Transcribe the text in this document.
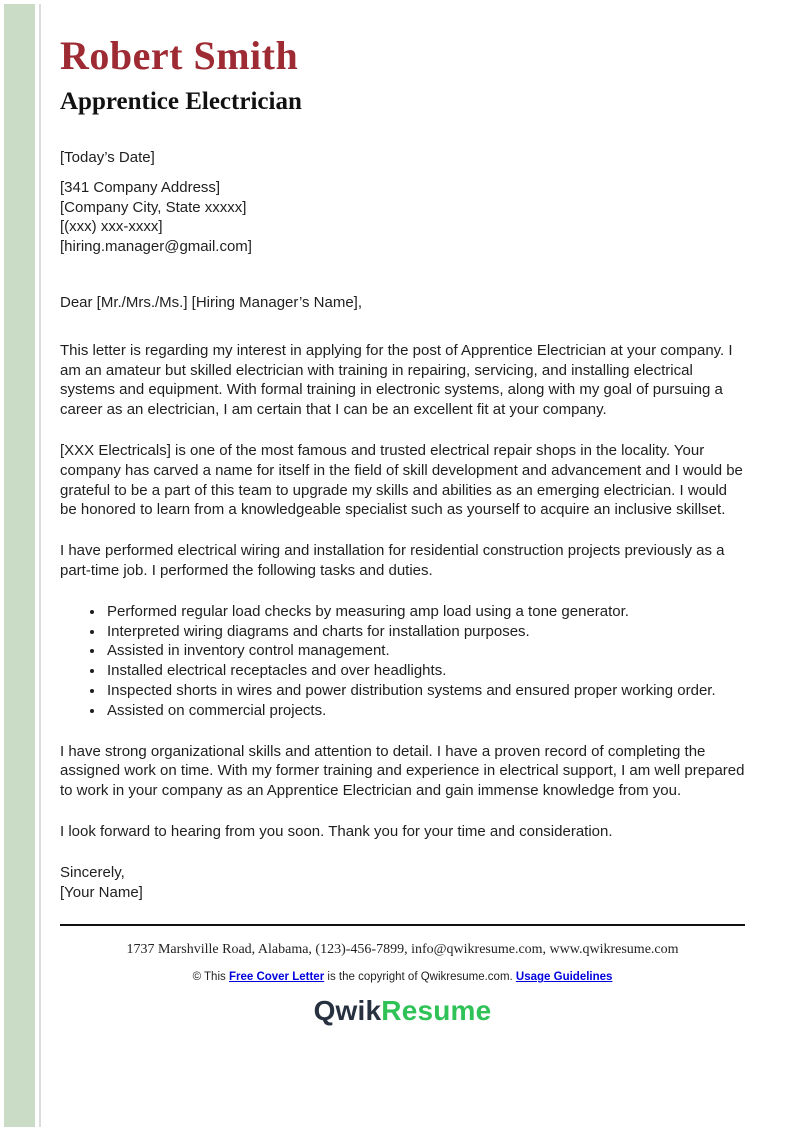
Robert Smith
Apprentice Electrician
[Today’s Date]
[341 Company Address]
[Company City, State xxxxx]
[(xxx) xxx-xxxx]
[hiring.manager@gmail.com]
Dear [Mr./Mrs./Ms.] [Hiring Manager’s Name],

This letter is regarding my interest in applying for the post of Apprentice Electrician at your company. I am an amateur but skilled electrician with training in repairing, servicing, and installing electrical systems and equipment. With formal training in electronic systems, along with my goal of pursuing a career as an electrician, I am certain that I can be an excellent fit at your company.

[XXX Electricals] is one of the most famous and trusted electrical repair shops in the locality. Your company has carved a name for itself in the field of skill development and advancement and I would be grateful to be a part of this team to upgrade my skills and abilities as an emerging electrician. I would be honored to learn from a knowledgeable specialist such as yourself to acquire an inclusive skillset.

I have performed electrical wiring and installation for residential construction projects previously as a part-time job. I performed the following tasks and duties.

• Performed regular load checks by measuring amp load using a tone generator.
• Interpreted wiring diagrams and charts for installation purposes.
• Assisted in inventory control management.
• Installed electrical receptacles and over headlights.
• Inspected shorts in wires and power distribution systems and ensured proper working order.
• Assisted on commercial projects.

I have strong organizational skills and attention to detail. I have a proven record of completing the assigned work on time. With my former training and experience in electrical support, I am well prepared to work in your company as an Apprentice Electrician and gain immense knowledge from you.

I look forward to hearing from you soon. Thank you for your time and consideration.

Sincerely,
[Your Name]
1737 Marshville Road, Alabama, (123)-456-7899, info@qwikresume.com, www.qwikresume.com
© This Free Cover Letter is the copyright of Qwikresume.com. Usage Guidelines
QwikResume
